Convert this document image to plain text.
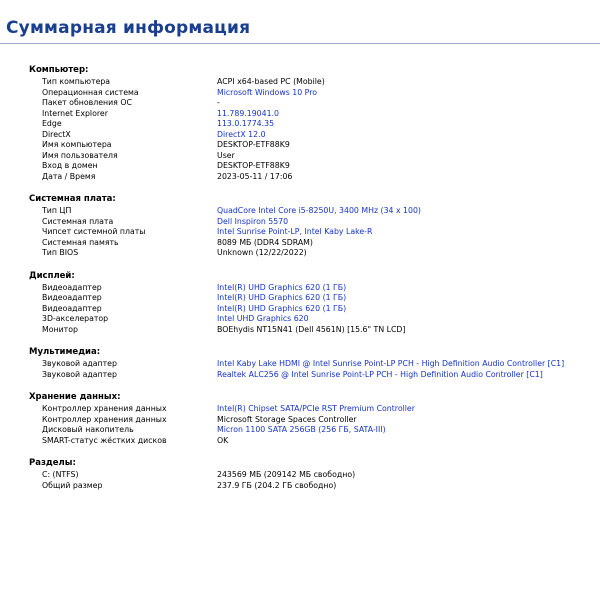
Суммарная информация
Компьютер:
Тип компьютера	ACPI x64-based PC (Mobile)
Операционная система	Microsoft Windows 10 Pro
Пакет обновления ОС	-
Internet Explorer	11.789.19041.0
Edge	113.0.1774.35
DirectX	DirectX 12.0
Имя компьютера	DESKTOP-ETF88K9
Имя пользователя	User
Вход в домен	DESKTOP-ETF88K9
Дата / Время	2023-05-11 / 17:06
Системная плата:
Тип ЦП	QuadCore Intel Core i5-8250U, 3400 MHz (34 x 100)
Системная плата	Dell Inspiron 5570
Чипсет системной платы	Intel Sunrise Point-LP, Intel Kaby Lake-R
Системная память	8089 МБ (DDR4 SDRAM)
Тип BIOS	Unknown (12/22/2022)
Дисплей:
Видеоадаптер	Intel(R) UHD Graphics 620 (1 ГБ)
Видеоадаптер	Intel(R) UHD Graphics 620 (1 ГБ)
Видеоадаптер	Intel(R) UHD Graphics 620 (1 ГБ)
3D-акселератор	Intel UHD Graphics 620
Монитор	BOEhydis NT15N41 (Dell 4561N) [15.6" TN LCD]
Мультимедиа:
Звуковой адаптер	Intel Kaby Lake HDMI @ Intel Sunrise Point-LP PCH - High Definition Audio Controller [C1]
Звуковой адаптер	Realtek ALC256 @ Intel Sunrise Point-LP PCH - High Definition Audio Controller [C1]
Хранение данных:
Контроллер хранения данных	Intel(R) Chipset SATA/PCIe RST Premium Controller
Контроллер хранения данных	Microsoft Storage Spaces Controller
Дисковый накопитель	Micron 1100 SATA 256GB (256 ГБ, SATA-III)
SMART-статус жёстких дисков	OK
Разделы:
C: (NTFS)	243569 МБ (209142 МБ свободно)
Общий размер	237.9 ГБ (204.2 ГБ свободно)
